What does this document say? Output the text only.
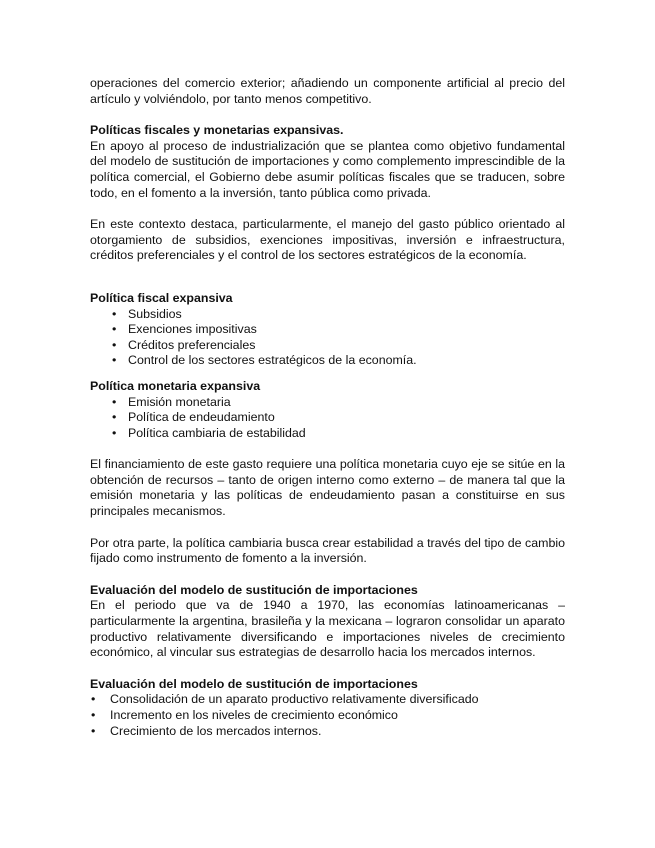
operaciones del comercio exterior; añadiendo un componente artificial al precio del artículo y volviéndolo, por tanto menos competitivo.

Políticas fiscales y monetarias expansivas.

En apoyo al proceso de industrialización que se plantea como objetivo fundamental del modelo de sustitución de importaciones y como complemento imprescindible de la política comercial, el Gobierno debe asumir políticas fiscales que se traducen, sobre todo, en el fomento a la inversión, tanto pública como privada.

En este contexto destaca, particularmente, el manejo del gasto público orientado al otorgamiento de subsidios, exenciones impositivas, inversión e infraestructura, créditos preferenciales y el control de los sectores estratégicos de la economía.

Política fiscal expansiva
• Subsidios
• Exenciones impositivas
• Créditos preferenciales
• Control de los sectores estratégicos de la economía.
Política monetaria expansiva
• Emisión monetaria
• Política de endeudamiento
• Política cambiaria de estabilidad

El financiamiento de este gasto requiere una política monetaria cuyo eje se sitúe en la obtención de recursos – tanto de origen interno como externo – de manera tal que la emisión monetaria y las políticas de endeudamiento pasan a constituirse en sus principales mecanismos.

Por otra parte, la política cambiaria busca crear estabilidad a través del tipo de cambio fijado como instrumento de fomento a la inversión.

Evaluación del modelo de sustitución de importaciones

En el periodo que va de 1940 a 1970, las economías latinoamericanas – particularmente la argentina, brasileña y la mexicana – lograron consolidar un aparato productivo relativamente diversificando e importaciones niveles de crecimiento económico, al vincular sus estrategias de desarrollo hacia los mercados internos.

Evaluación del modelo de sustitución de importaciones
• Consolidación de un aparato productivo relativamente diversificado
• Incremento en los niveles de crecimiento económico
• Crecimiento de los mercados internos.
